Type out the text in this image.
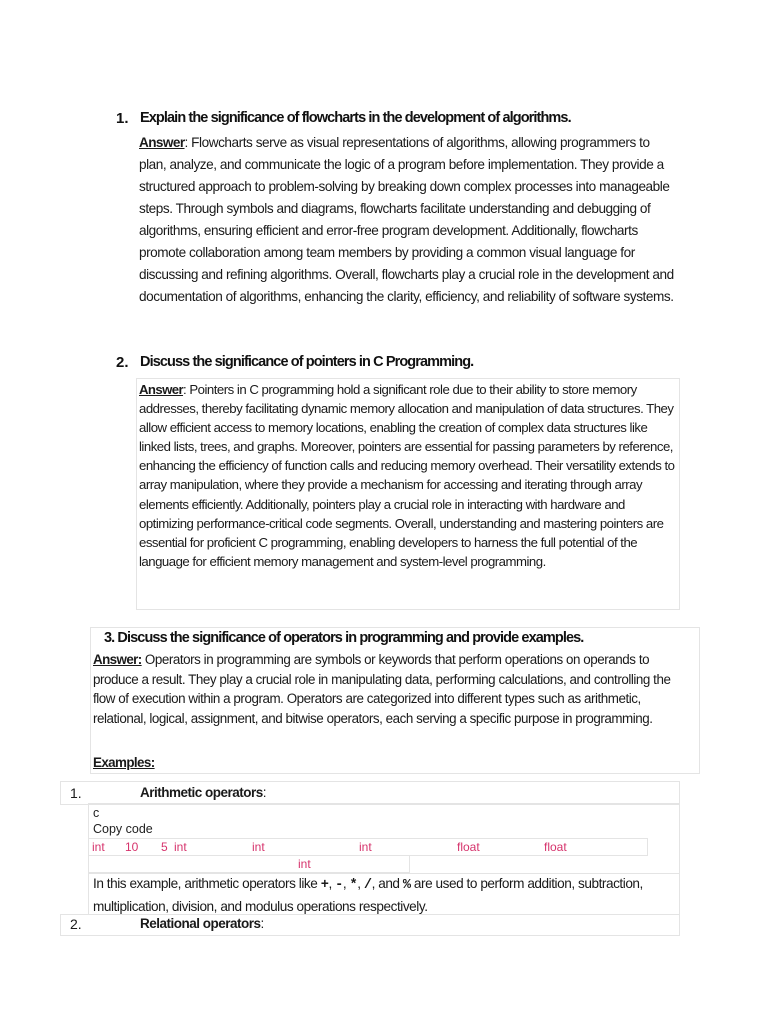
1. Explain the significance of flowcharts in the development of algorithms.
Answer: Flowcharts serve as visual representations of algorithms, allowing programmers to plan, analyze, and communicate the logic of a program before implementation. They provide a structured approach to problem-solving by breaking down complex processes into manageable steps. Through symbols and diagrams, flowcharts facilitate understanding and debugging of algorithms, ensuring efficient and error-free program development. Additionally, flowcharts promote collaboration among team members by providing a common visual language for discussing and refining algorithms. Overall, flowcharts play a crucial role in the development and documentation of algorithms, enhancing the clarity, efficiency, and reliability of software systems.
2. Discuss the significance of pointers in C Programming.
Answer: Pointers in C programming hold a significant role due to their ability to store memory addresses, thereby facilitating dynamic memory allocation and manipulation of data structures. They allow efficient access to memory locations, enabling the creation of complex data structures like linked lists, trees, and graphs. Moreover, pointers are essential for passing parameters by reference, enhancing the efficiency of function calls and reducing memory overhead. Their versatility extends to array manipulation, where they provide a mechanism for accessing and iterating through array elements efficiently. Additionally, pointers play a crucial role in interacting with hardware and optimizing performance-critical code segments. Overall, understanding and mastering pointers are essential for proficient C programming, enabling developers to harness the full potential of the language for efficient memory management and system-level programming.
3. Discuss the significance of operators in programming and provide examples.
Answer: Operators in programming are symbols or keywords that perform operations on operands to produce a result. They play a crucial role in manipulating data, performing calculations, and controlling the flow of execution within a program. Operators are categorized into different types such as arithmetic, relational, logical, assignment, and bitwise operators, each serving a specific purpose in programming.
Examples:
1.	Arithmetic operators:
c
Copy code
int 10 5 int	int	int	float	float
int
In this example, arithmetic operators like +, -, *, /, and % are used to perform addition, subtraction, multiplication, division, and modulus operations respectively.
2.	Relational operators:
